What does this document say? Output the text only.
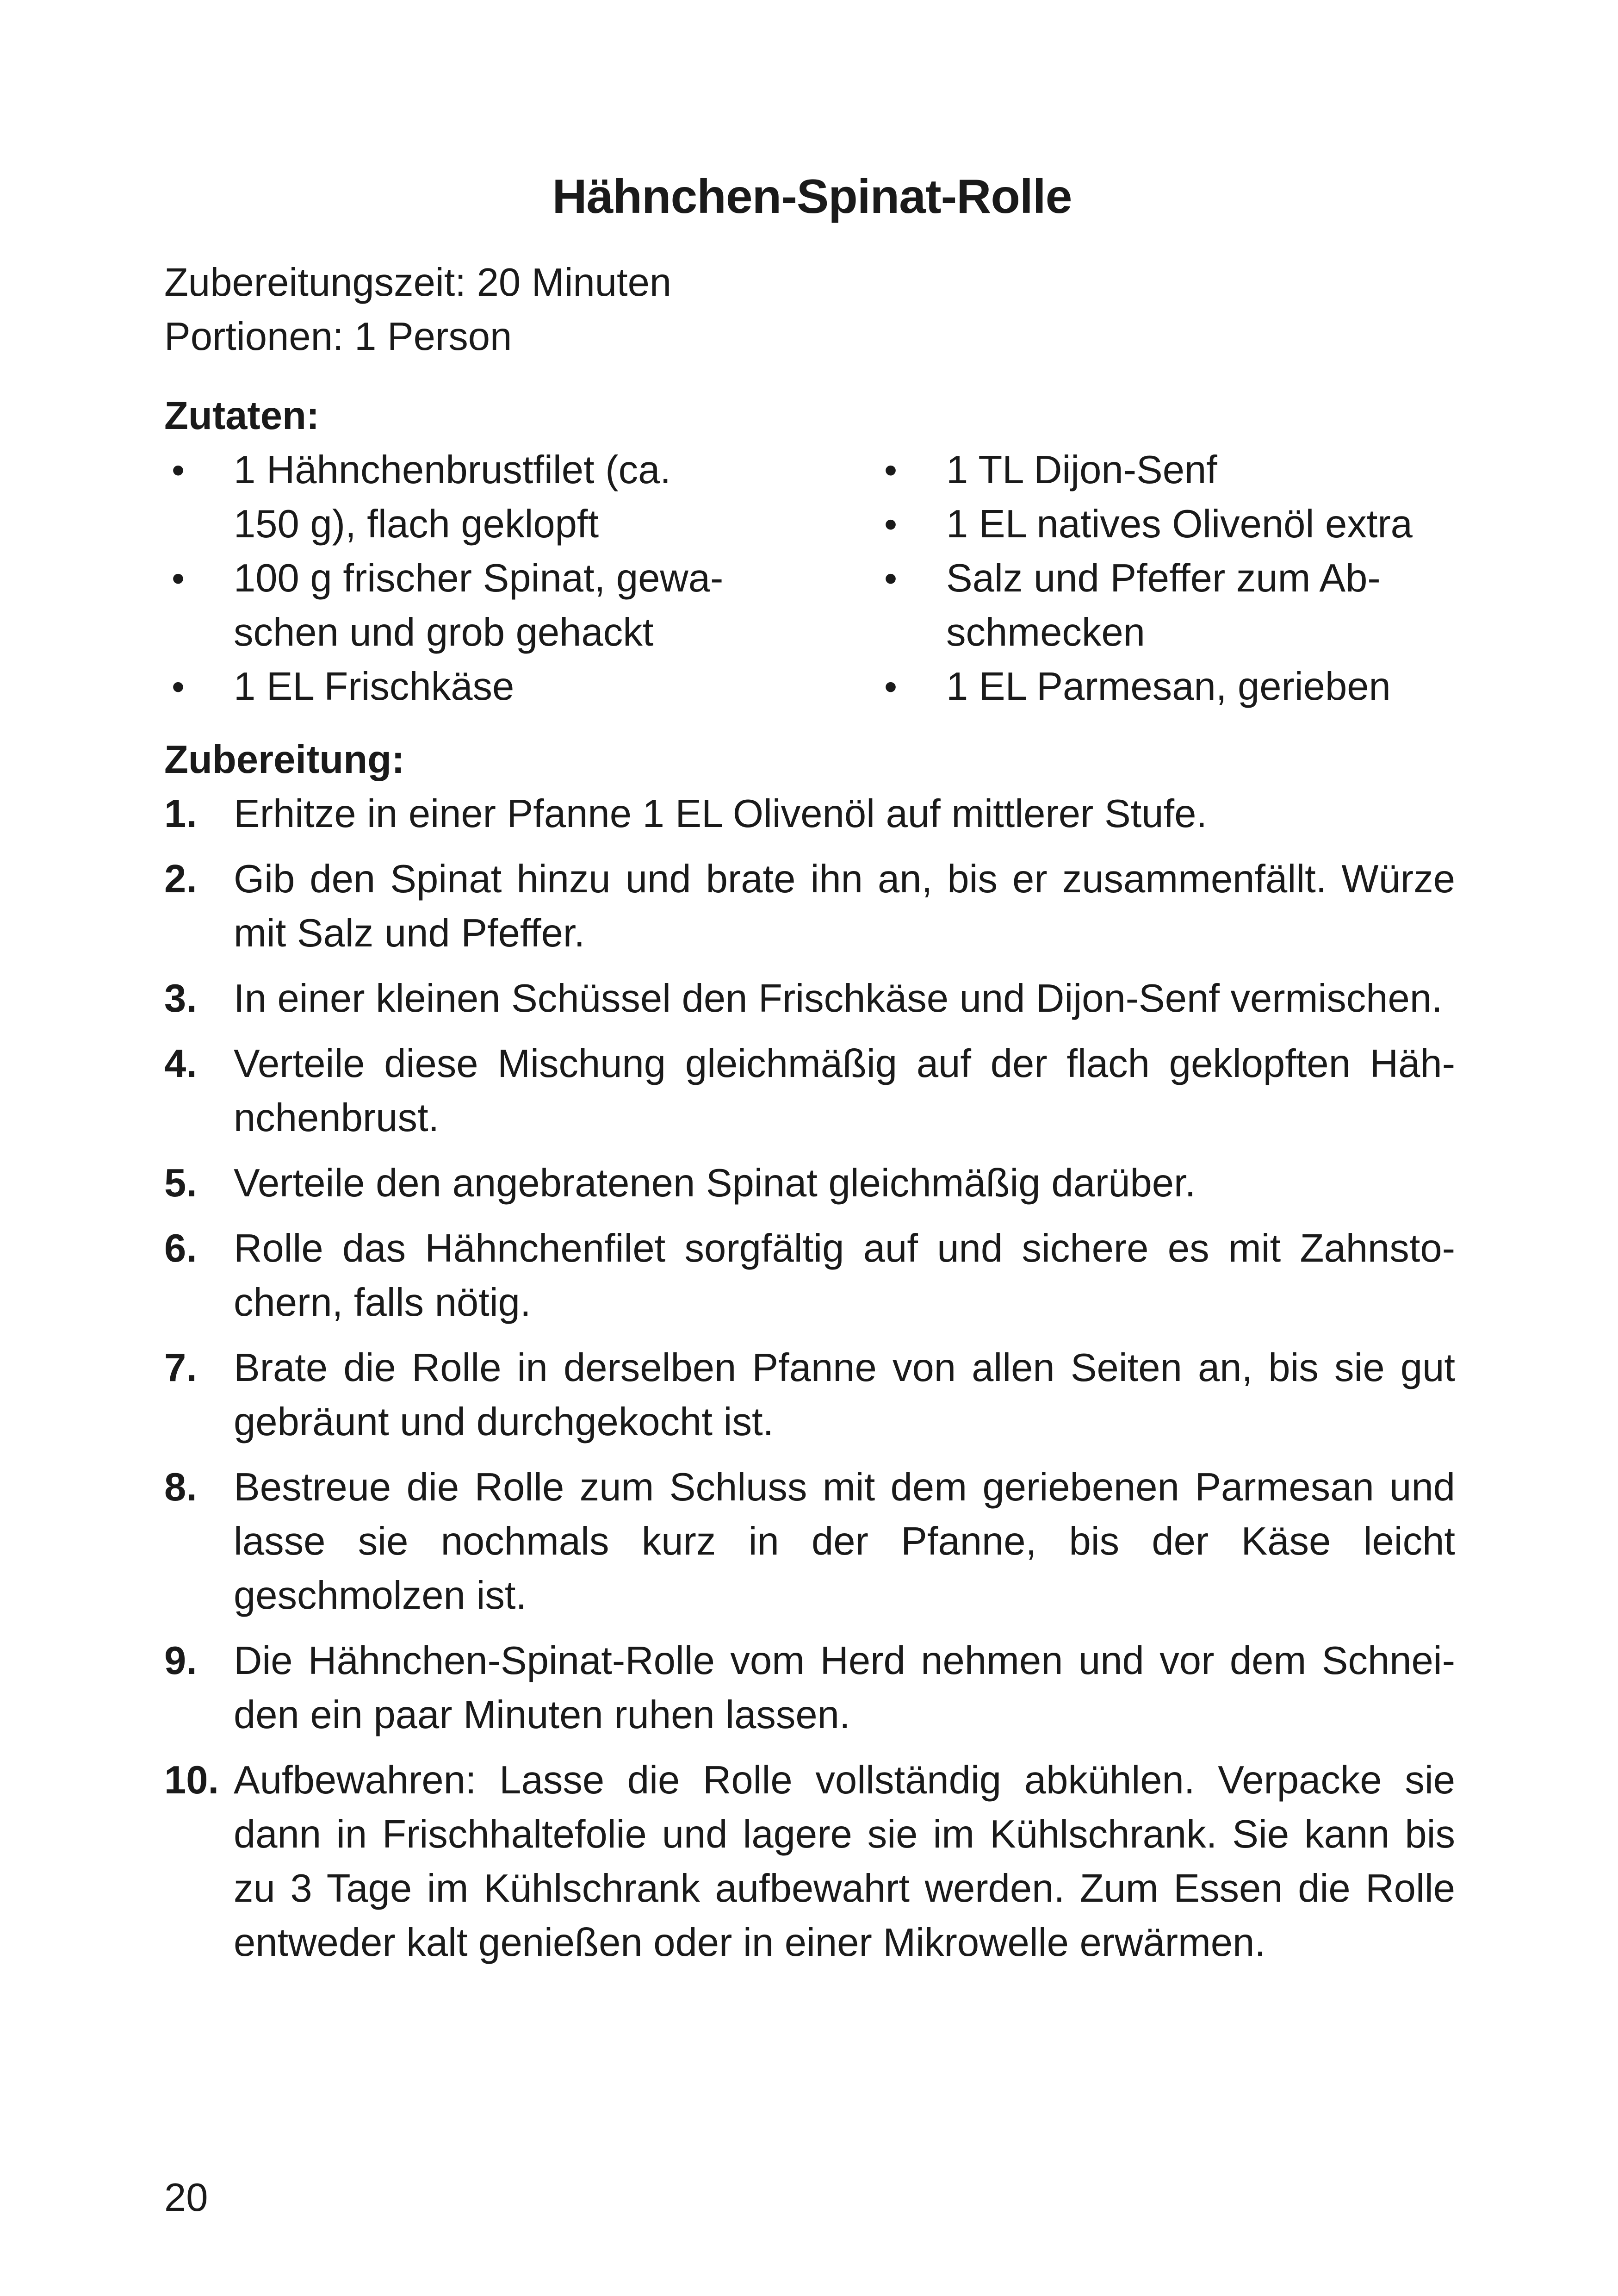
Hähnchen-Spinat-Rolle
Zubereitungszeit: 20 Minuten
Portionen: 1 Person
Zutaten:
• 1 Hähnchenbrustfilet (ca. 150 g), flach geklopft
• 100 g frischer Spinat, gewaschen und grob gehackt
• 1 EL Frischkäse
• 1 TL Dijon-Senf
• 1 EL natives Olivenöl extra
• Salz und Pfeffer zum Abschmecken
• 1 EL Parmesan, gerieben
Zubereitung:
1. Erhitze in einer Pfanne 1 EL Olivenöl auf mittlerer Stufe.
2. Gib den Spinat hinzu und brate ihn an, bis er zusammenfällt. Würze mit Salz und Pfeffer.
3. In einer kleinen Schüssel den Frischkäse und Dijon-Senf vermischen.
4. Verteile diese Mischung gleichmäßig auf der flach geklopften Hähnchenbrust.
5. Verteile den angebratenen Spinat gleichmäßig darüber.
6. Rolle das Hähnchenfilet sorgfältig auf und sichere es mit Zahnstochern, falls nötig.
7. Brate die Rolle in derselben Pfanne von allen Seiten an, bis sie gut gebräunt und durchgekocht ist.
8. Bestreue die Rolle zum Schluss mit dem geriebenen Parmesan und lasse sie nochmals kurz in der Pfanne, bis der Käse leicht geschmolzen ist.
9. Die Hähnchen-Spinat-Rolle vom Herd nehmen und vor dem Schneiden ein paar Minuten ruhen lassen.
10. Aufbewahren: Lasse die Rolle vollständig abkühlen. Verpacke sie dann in Frischhaltefolie und lagere sie im Kühlschrank. Sie kann bis zu 3 Tage im Kühlschrank aufbewahrt werden. Zum Essen die Rolle entweder kalt genießen oder in einer Mikrowelle erwärmen.
20
